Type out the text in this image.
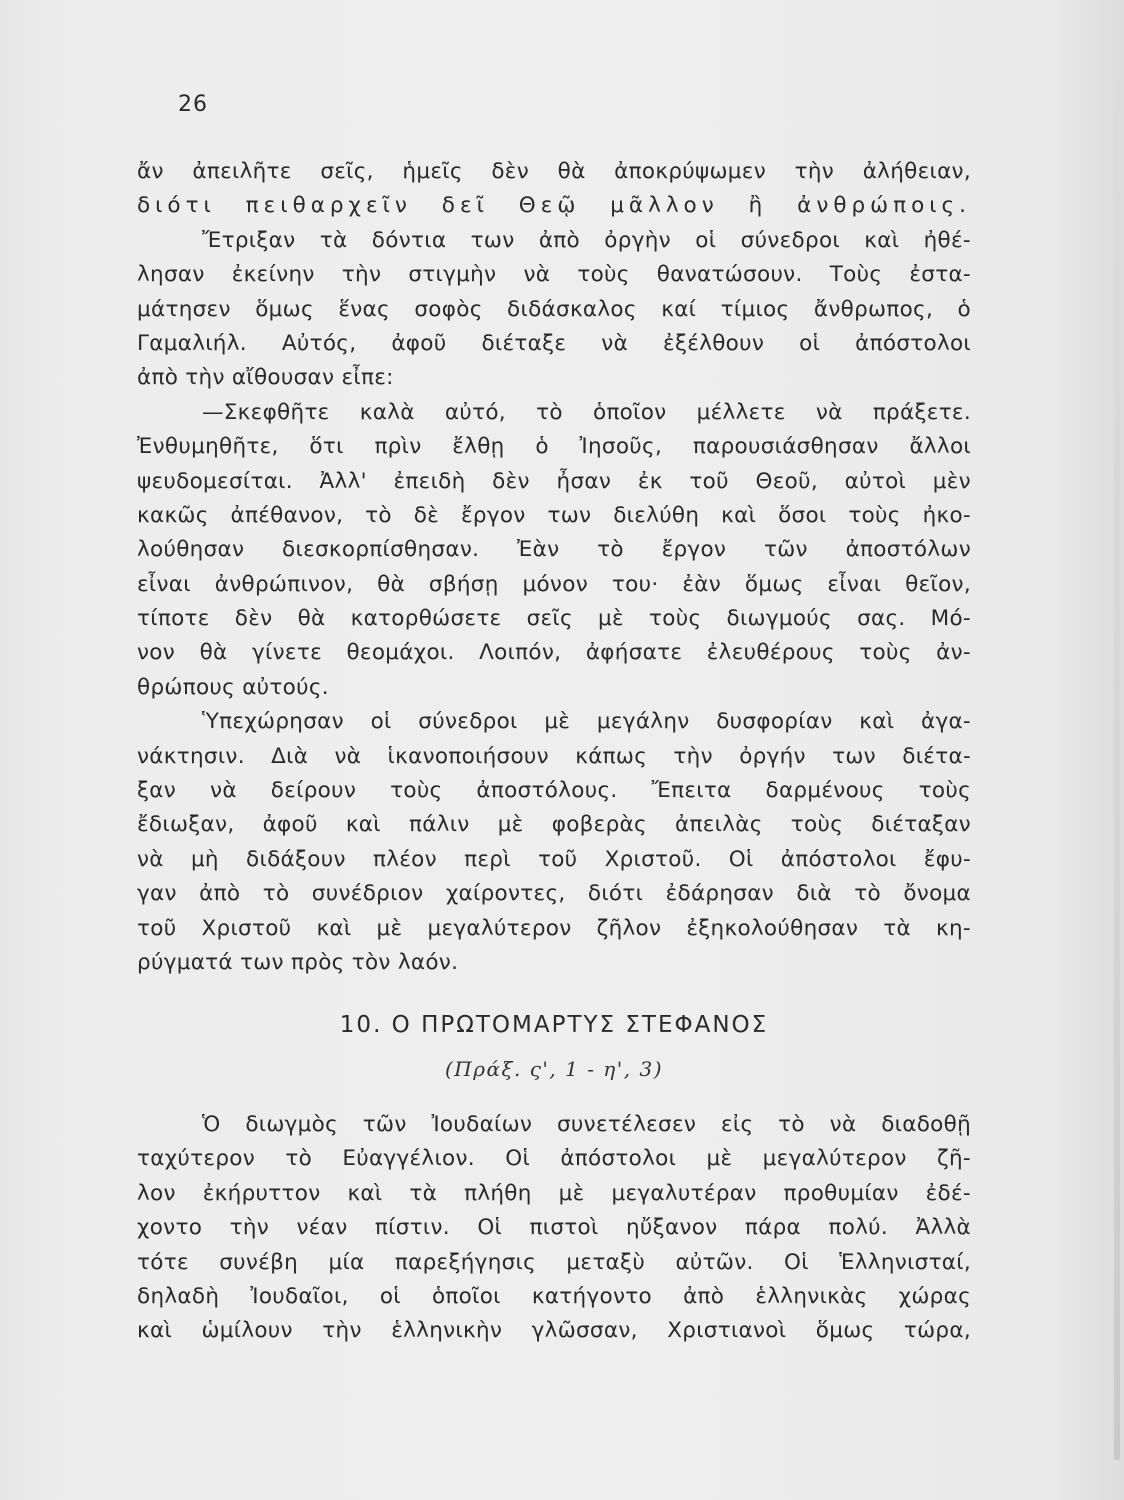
26
ἄν ἀπειλῆτε σεῖς, ἡμεῖς δὲν θὰ ἀποκρύψωμεν τὴν ἀλήθειαν,
διότι πειθαρχεῖν δεῖ Θεῷ μᾶλλον ἢ ἀνθρώποις.
Ἔτριξαν τὰ δόντια των ἀπὸ ὀργὴν οἱ σύνεδροι καὶ ἠθέ-
λησαν ἐκείνην τὴν στιγμὴν νὰ τοὺς θανατώσουν. Τοὺς ἐστα-
μάτησεν ὅμως ἕνας σοφὸς διδάσκαλος καί τίμιος ἄνθρωπος, ὁ
Γαμαλιήλ. Αὐτός, ἀφοῦ διέταξε νὰ ἐξέλθουν οἱ ἀπόστολοι
ἀπὸ τὴν αἴθουσαν εἶπε:
—Σκεφθῆτε καλὰ αὐτό, τὸ ὁποῖον μέλλετε νὰ πράξετε.
Ἐνθυμηθῆτε, ὅτι πρὶν ἔλθῃ ὁ Ἰησοῦς, παρουσιάσθησαν ἄλλοι
ψευδομεσίται. Ἀλλ' ἐπειδὴ δὲν ἦσαν ἐκ τοῦ Θεοῦ, αὐτοὶ μὲν
κακῶς ἀπέθανον, τὸ δὲ ἔργον των διελύθη καὶ ὅσοι τοὺς ἠκο-
λούθησαν διεσκορπίσθησαν. Ἐὰν τὸ ἔργον τῶν ἀποστόλων
εἶναι ἀνθρώπινον, θὰ σβήσῃ μόνον του· ἐὰν ὅμως εἶναι θεῖον,
τίποτε δὲν θὰ κατορθώσετε σεῖς μὲ τοὺς διωγμούς σας. Μό-
νον θὰ γίνετε θεομάχοι. Λοιπόν, ἀφήσατε ἐλευθέρους τοὺς ἀν-
θρώπους αὐτούς.
Ὑπεχώρησαν οἱ σύνεδροι μὲ μεγάλην δυσφορίαν καὶ ἀγα-
νάκτησιν. Διὰ νὰ ἱκανοποιήσουν κάπως τὴν ὀργήν των διέτα-
ξαν νὰ δείρουν τοὺς ἀποστόλους. Ἔπειτα δαρμένους τοὺς
ἔδιωξαν, ἀφοῦ καὶ πάλιν μὲ φοβερὰς ἀπειλὰς τοὺς διέταξαν
νὰ μὴ διδάξουν πλέον περὶ τοῦ Χριστοῦ. Οἱ ἀπόστολοι ἔφυ-
γαν ἀπὸ τὸ συνέδριον χαίροντες, διότι ἐδάρησαν διὰ τὸ ὄνομα
τοῦ Χριστοῦ καὶ μὲ μεγαλύτερον ζῆλον ἐξηκολούθησαν τὰ κη-
ρύγματά των πρὸς τὸν λαόν.
10. Ο ΠΡΩΤΟΜΑΡΤΥΣ ΣΤΕΦΑΝΟΣ
(Πράξ. ς', 1 - η', 3)
Ὁ διωγμὸς τῶν Ἰουδαίων συνετέλεσεν εἰς τὸ νὰ διαδοθῇ
ταχύτερον τὸ Εὐαγγέλιον. Οἱ ἀπόστολοι μὲ μεγαλύτερον ζῆ-
λον ἐκήρυττον καὶ τὰ πλήθη μὲ μεγαλυτέραν προθυμίαν ἐδέ-
χοντο τὴν νέαν πίστιν. Οἱ πιστοὶ ηὔξανον πάρα πολύ. Ἀλλὰ
τότε συνέβη μία παρεξήγησις μεταξὺ αὐτῶν. Οἱ Ἑλληνισταί,
δηλαδὴ Ἰουδαῖοι, οἱ ὁποῖοι κατήγοντο ἀπὸ ἑλληνικὰς χώρας
καὶ ὡμίλουν τὴν ἑλληνικὴν γλῶσσαν, Χριστιανοὶ ὅμως τώρα,
